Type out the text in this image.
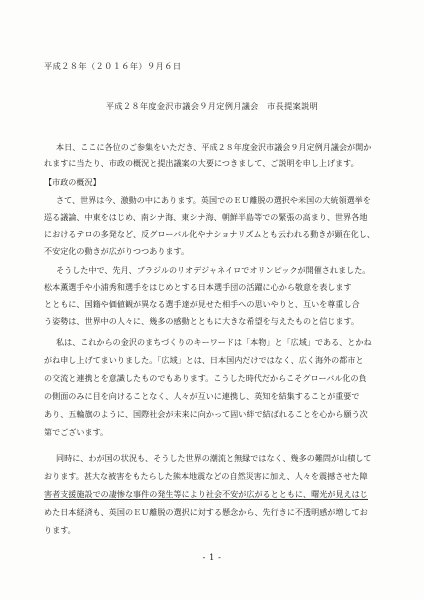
平成２８年（２０１６年）９月６日
平成２８年度金沢市議会９月定例月議会　市長提案説明
本日、ここに各位のご参集をいただき、平成２８年度金沢市議会９月定例月議会が開か
れますに当たり、市政の概況と提出議案の大要につきまして、ご説明を申し上げます。
【市政の概況】
さて、世界は今、激動の中にあります。英国でのＥＵ離脱の選択や米国の大統領選挙を
巡る議論、中東をはじめ、南シナ海、東シナ海、朝鮮半島等での緊張の高まり、世界各地
におけるテロの多発など、反グローバル化やナショナリズムとも云われる動きが顕在化し、
不安定化の動きが広がりつつあります。
そうした中で、先月、ブラジルのリオデジャネイロでオリンピックが開催されました。
松本薫選手や小浦秀和選手をはじめとする日本選手団の活躍に心から敬意を表します
とともに、国籍や価値観が異なる選手達が見せた相手への思いやりと、互いを尊重し合
う姿勢は、世界中の人々に、幾多の感動とともに大きな希望を与えたものと信じます。
私は、これからの金沢のまちづくりのキーワードは「本物」と「広域」である、とかね
がね申し上げてまいりました。「広域」とは、日本国内だけではなく、広く海外の都市と
の交流と連携とを意識したものでもあります。こうした時代だからこそグローバル化の負
の側面のみに目を向けることなく、人々が互いに連携し、英知を結集することが重要で
あり、五輪旗のように、国際社会が未来に向かって固い絆で結ばれることを心から願う次
第でございます。
同時に、わが国の状況も、そうした世界の潮流と無縁ではなく、幾多の難問が山積して
おります。甚大な被害をもたらした熊本地震などの自然災害に加え、人々を震撼させた障
害者支援施設での凄惨な事件の発生等により社会不安が広がるとともに、曙光が見えはじ
めた日本経済も、英国のＥＵ離脱の選択に対する懸念から、先行きに不透明感が増してお
ります。
- 1 -
